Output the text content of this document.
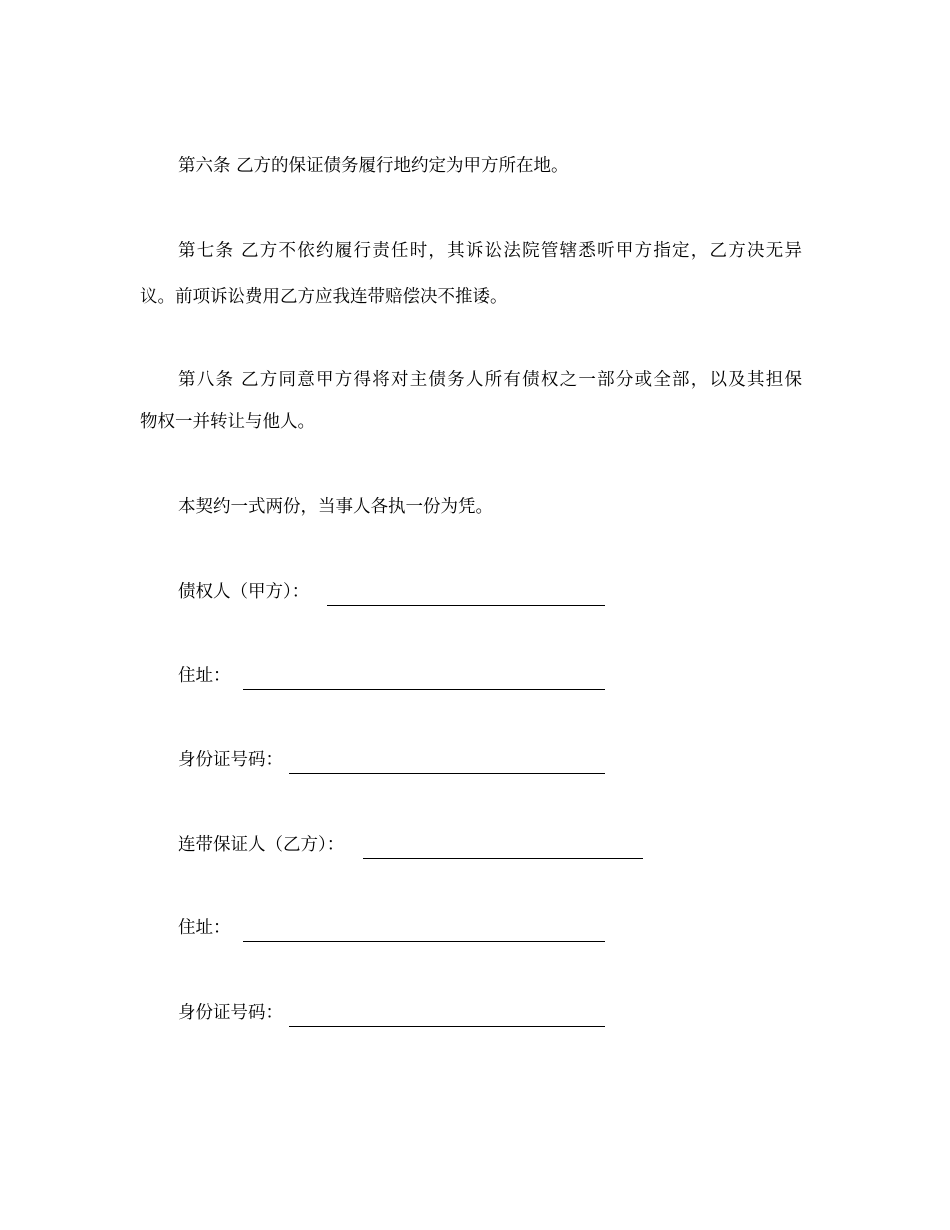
第六条 乙方的保证债务履行地约定为甲方所在地。
第七条 乙方不依约履行责任时，其诉讼法院管辖悉听甲方指定，乙方决无异
议。前项诉讼费用乙方应我连带赔偿决不推诿。
第八条 乙方同意甲方得将对主债务人所有债权之一部分或全部，以及其担保
物权一并转让与他人。
本契约一式两份，当事人各执一份为凭。
债权人（甲方）：
住址：
身份证号码：
连带保证人（乙方）：
住址：
身份证号码：
